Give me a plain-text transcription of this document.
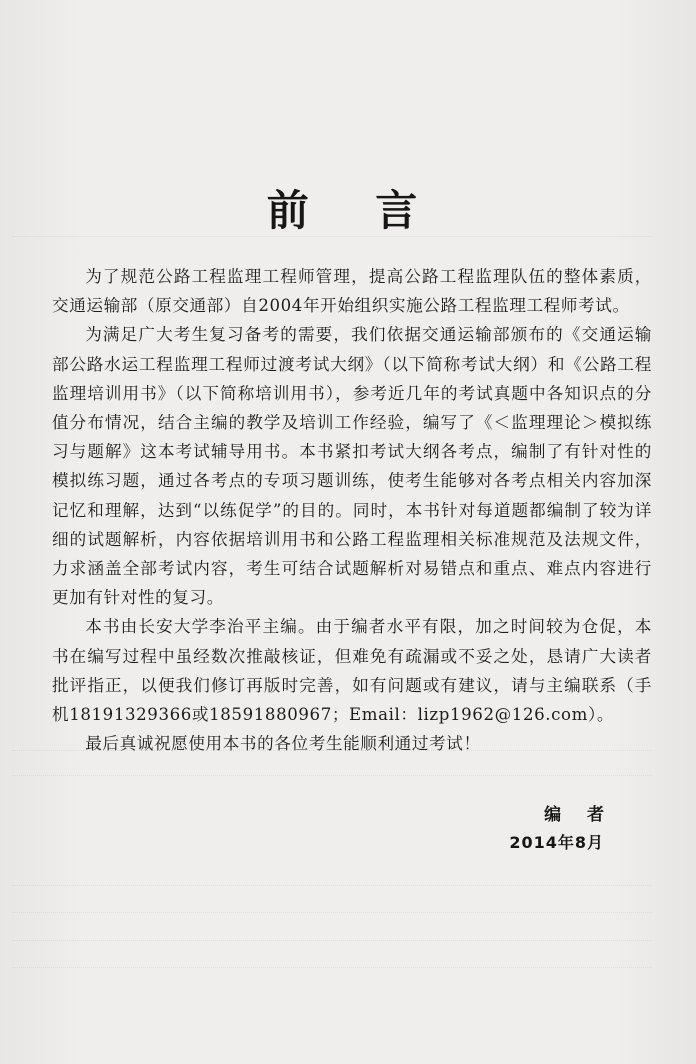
前 言

为了规范公路工程监理工程师管理，提高公路工程监理队伍的整体素质，交通运输部（原交通部）自2004年开始组织实施公路工程监理工程师考试。

为满足广大考生复习备考的需要，我们依据交通运输部颁布的《交通运输部公路水运工程监理工程师过渡考试大纲》（以下简称考试大纲）和《公路工程监理培训用书》（以下简称培训用书），参考近几年的考试真题中各知识点的分值分布情况，结合主编的教学及培训工作经验，编写了《＜监理理论＞模拟练习与题解》这本考试辅导用书。本书紧扣考试大纲各考点，编制了有针对性的模拟练习题，通过各考点的专项习题训练，使考生能够对各考点相关内容加深记忆和理解，达到“以练促学”的目的。同时，本书针对每道题都编制了较为详细的试题解析，内容依据培训用书和公路工程监理相关标准规范及法规文件，力求涵盖全部考试内容，考生可结合试题解析对易错点和重点、难点内容进行更加有针对性的复习。

本书由长安大学李治平主编。由于编者水平有限，加之时间较为仓促，本书在编写过程中虽经数次推敲核证，但难免有疏漏或不妥之处，恳请广大读者批评指正，以便我们修订再版时完善，如有问题或有建议，请与主编联系（手机18191329366或18591880967；Email：lizp1962@126.com）。

最后真诚祝愿使用本书的各位考生能顺利通过考试！

编 者
2014年8月
